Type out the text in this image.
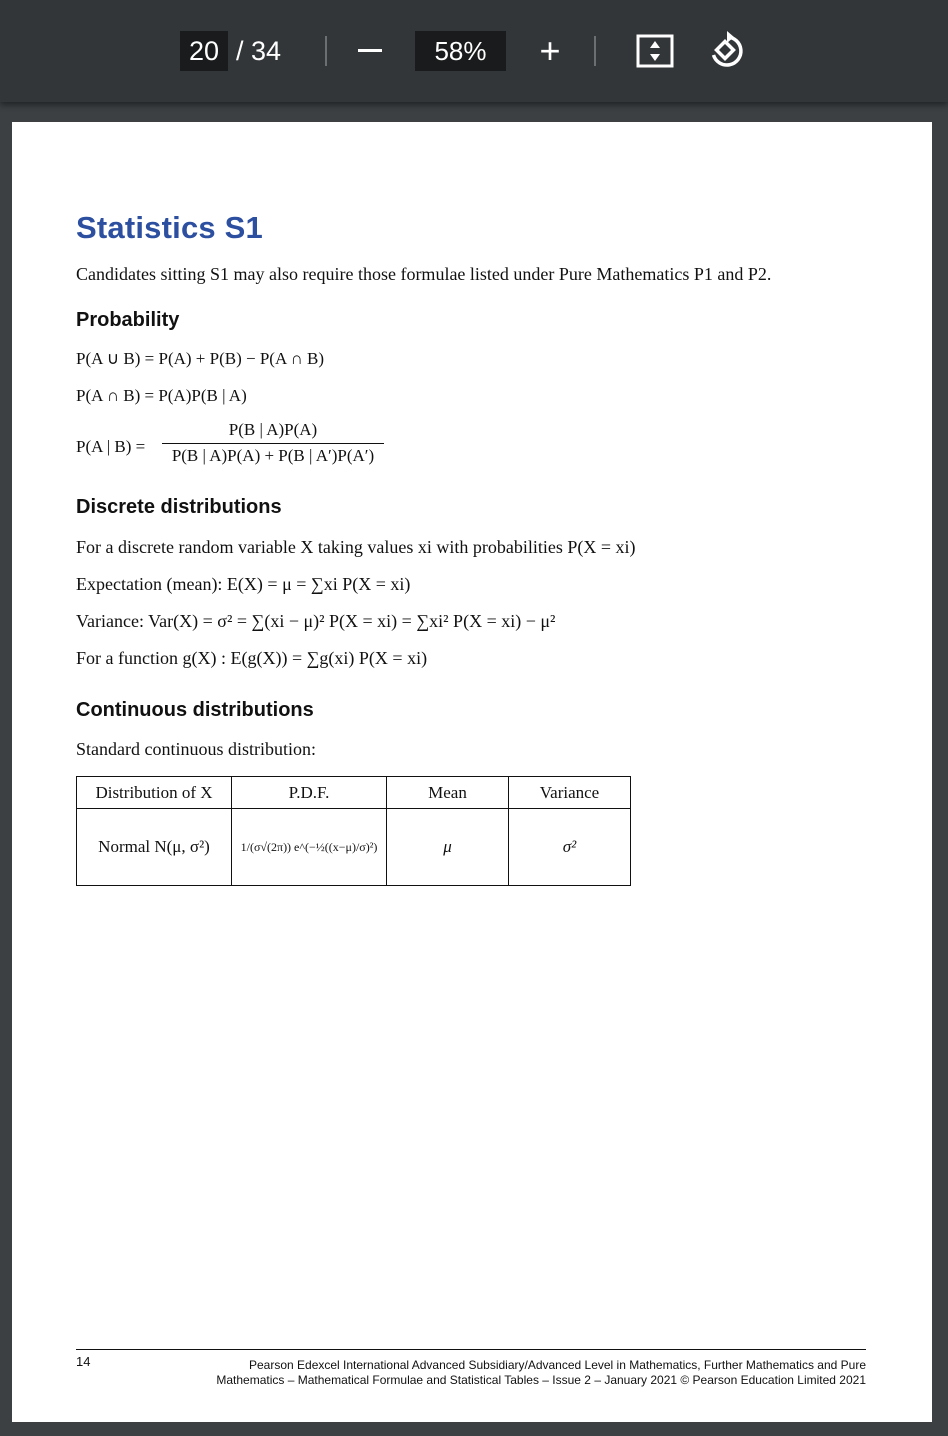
20 / 34	58%	+
Statistics S1
Candidates sitting S1 may also require those formulae listed under Pure Mathematics P1 and P2.
Probability
P(A ∪ B) = P(A) + P(B) − P(A ∩ B)
P(A ∩ B) = P(A)P(B | A)
P(A | B) =
P(B | A)P(A)
P(B | A)P(A) + P(B | A′)P(A′)
Discrete distributions
For a discrete random variable X taking values xi with probabilities P(X = xi)
Expectation (mean): E(X) = μ = ∑xi P(X = xi)
Variance: Var(X) = σ² = ∑(xi − μ)² P(X = xi) = ∑xi² P(X = xi) − μ²
For a function g(X) : E(g(X)) = ∑g(xi) P(X = xi)
Continuous distributions
Standard continuous distribution:
Distribution of X	P.D.F.	Mean	Variance
Normal N(μ, σ²)	1/(σ√(2π)) e^(−½((x−μ)/σ)²)	μ	σ²
14	Pearson Edexcel International Advanced Subsidiary/Advanced Level in Mathematics, Further Mathematics and Pure
Mathematics – Mathematical Formulae and Statistical Tables – Issue 2 – January 2021 © Pearson Education Limited 2021
